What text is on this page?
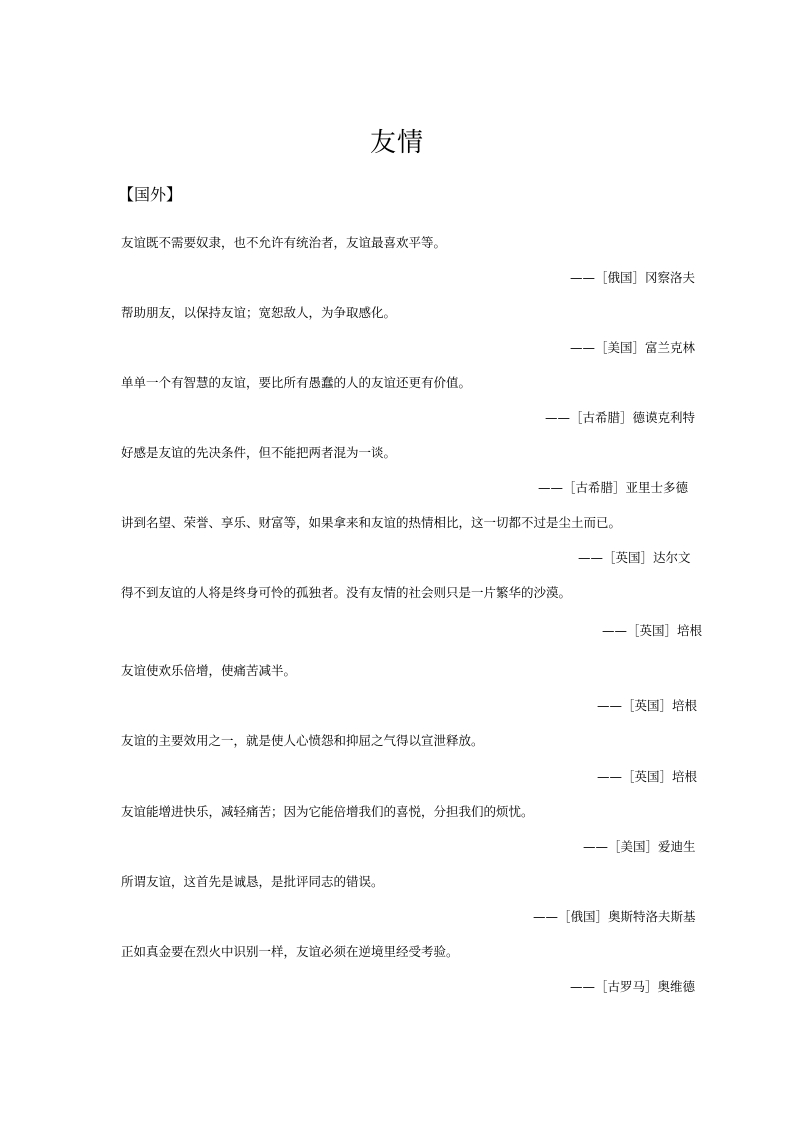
友情
【国外】
友谊既不需要奴隶，也不允许有统治者，友谊最喜欢平等。
——［俄国］冈察洛夫
帮助朋友，以保持友谊；宽恕敌人，为争取感化。
——［美国］富兰克林
单单一个有智慧的友谊，要比所有愚蠢的人的友谊还更有价值。
——［古希腊］德谟克利特
好感是友谊的先决条件，但不能把两者混为一谈。
——［古希腊］亚里士多德
讲到名望、荣誉、享乐、财富等，如果拿来和友谊的热情相比，这一切都不过是尘土而已。
——［英国］达尔文
得不到友谊的人将是终身可怜的孤独者。没有友情的社会则只是一片繁华的沙漠。
——［英国］培根
友谊使欢乐倍增，使痛苦减半。
——［英国］培根
友谊的主要效用之一，就是使人心愤怨和抑屈之气得以宣泄释放。
——［英国］培根
友谊能增进快乐，减轻痛苦；因为它能倍增我们的喜悦，分担我们的烦忧。
——［美国］爱迪生
所谓友谊，这首先是诚恳，是批评同志的错误。
——［俄国］奥斯特洛夫斯基
正如真金要在烈火中识别一样，友谊必须在逆境里经受考验。
——［古罗马］奥维德
